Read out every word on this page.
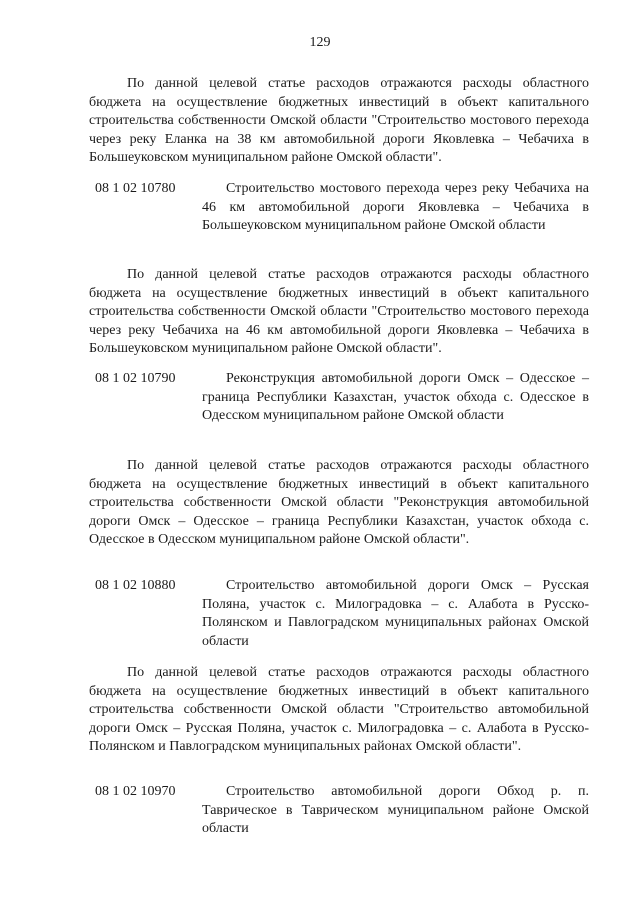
129

По данной целевой статье расходов отражаются расходы областного бюджета на осуществление бюджетных инвестиций в объект капитального строительства собственности Омской области "Строительство мостового перехода через реку Еланка на 38 км автомобильной дороги Яковлевка – Чебачиха в Большеуковском муниципальном районе Омской области".

08 1 02 10780	Строительство мостового перехода через реку Чебачиха на 46 км автомобильной дороги Яковлевка – Чебачиха в Большеуковском муниципальном районе Омской области

По данной целевой статье расходов отражаются расходы областного бюджета на осуществление бюджетных инвестиций в объект капитального строительства собственности Омской области "Строительство мостового перехода через реку Чебачиха на 46 км автомобильной дороги Яковлевка – Чебачиха в Большеуковском муниципальном районе Омской области".

08 1 02 10790	Реконструкция автомобильной дороги Омск – Одесское – граница Республики Казахстан, участок обхода с. Одесское в Одесском муниципальном районе Омской области

По данной целевой статье расходов отражаются расходы областного бюджета на осуществление бюджетных инвестиций в объект капитального строительства собственности Омской области "Реконструкция автомобильной дороги Омск – Одесское – граница Республики Казахстан, участок обхода с. Одесское в Одесском муниципальном районе Омской области".

08 1 02 10880	Строительство автомобильной дороги Омск – Русская Поляна, участок с. Милоградовка – с. Алабота в Русско-Полянском и Павлоградском муниципальных районах Омской области

По данной целевой статье расходов отражаются расходы областного бюджета на осуществление бюджетных инвестиций в объект капитального строительства собственности Омской области "Строительство автомобильной дороги Омск – Русская Поляна, участок с. Милоградовка – с. Алабота в Русско-Полянском и Павлоградском муниципальных районах Омской области".

08 1 02 10970	Строительство автомобильной дороги Обход р. п. Таврическое в Таврическом муниципальном районе Омской области
